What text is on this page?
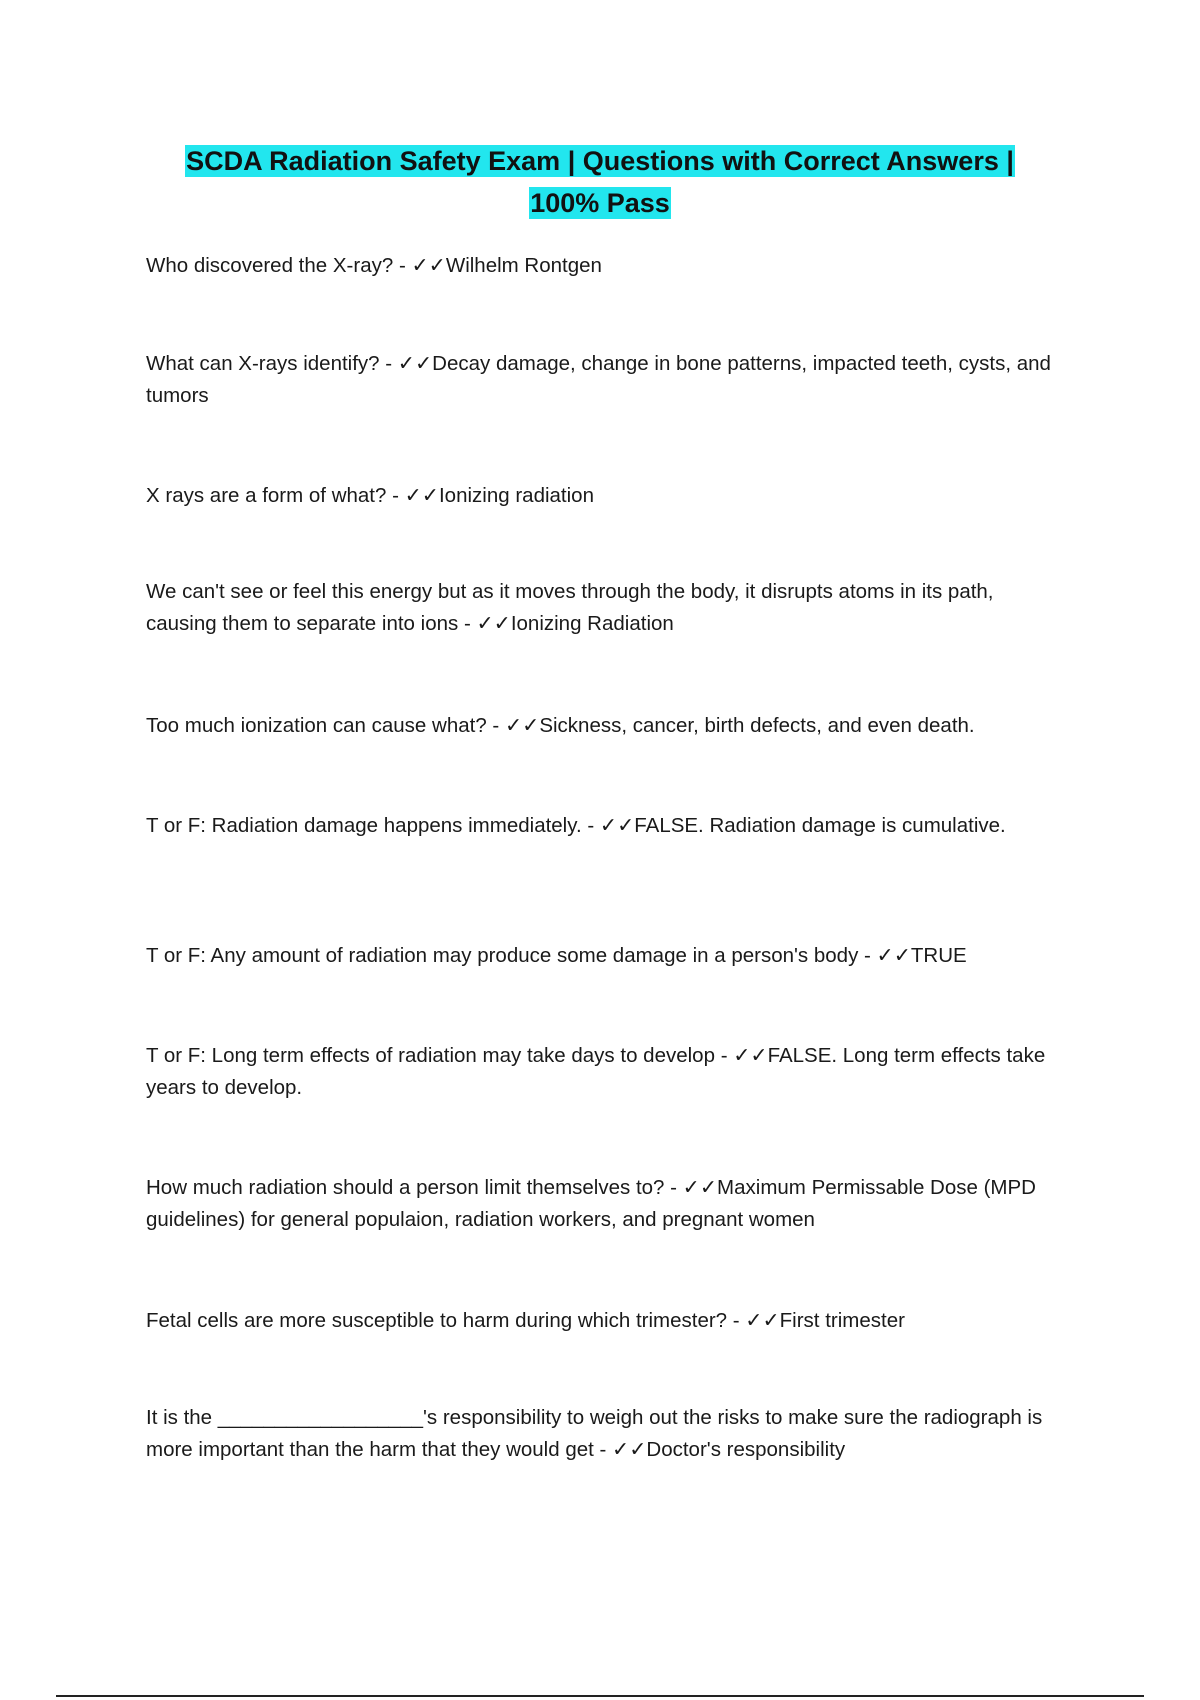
SCDA Radiation Safety Exam | Questions with Correct Answers |
100% Pass
Who discovered the X-ray? - ✓✓Wilhelm Rontgen
What can X-rays identify? - ✓✓Decay damage, change in bone patterns, impacted teeth, cysts, and tumors
X rays are a form of what? - ✓✓Ionizing radiation
We can't see or feel this energy but as it moves through the body, it disrupts atoms in its path, causing them to separate into ions - ✓✓Ionizing Radiation
Too much ionization can cause what? - ✓✓Sickness, cancer, birth defects, and even death.
T or F: Radiation damage happens immediately. - ✓✓FALSE. Radiation damage is cumulative.
T or F: Any amount of radiation may produce some damage in a person's body - ✓✓TRUE
T or F: Long term effects of radiation may take days to develop - ✓✓FALSE. Long term effects take years to develop.
How much radiation should a person limit themselves to? - ✓✓Maximum Permissable Dose (MPD guidelines) for general populaion, radiation workers, and pregnant women
Fetal cells are more susceptible to harm during which trimester? - ✓✓First trimester
It is the __________________'s responsibility to weigh out the risks to make sure the radiograph is more important than the harm that they would get - ✓✓Doctor's responsibility
